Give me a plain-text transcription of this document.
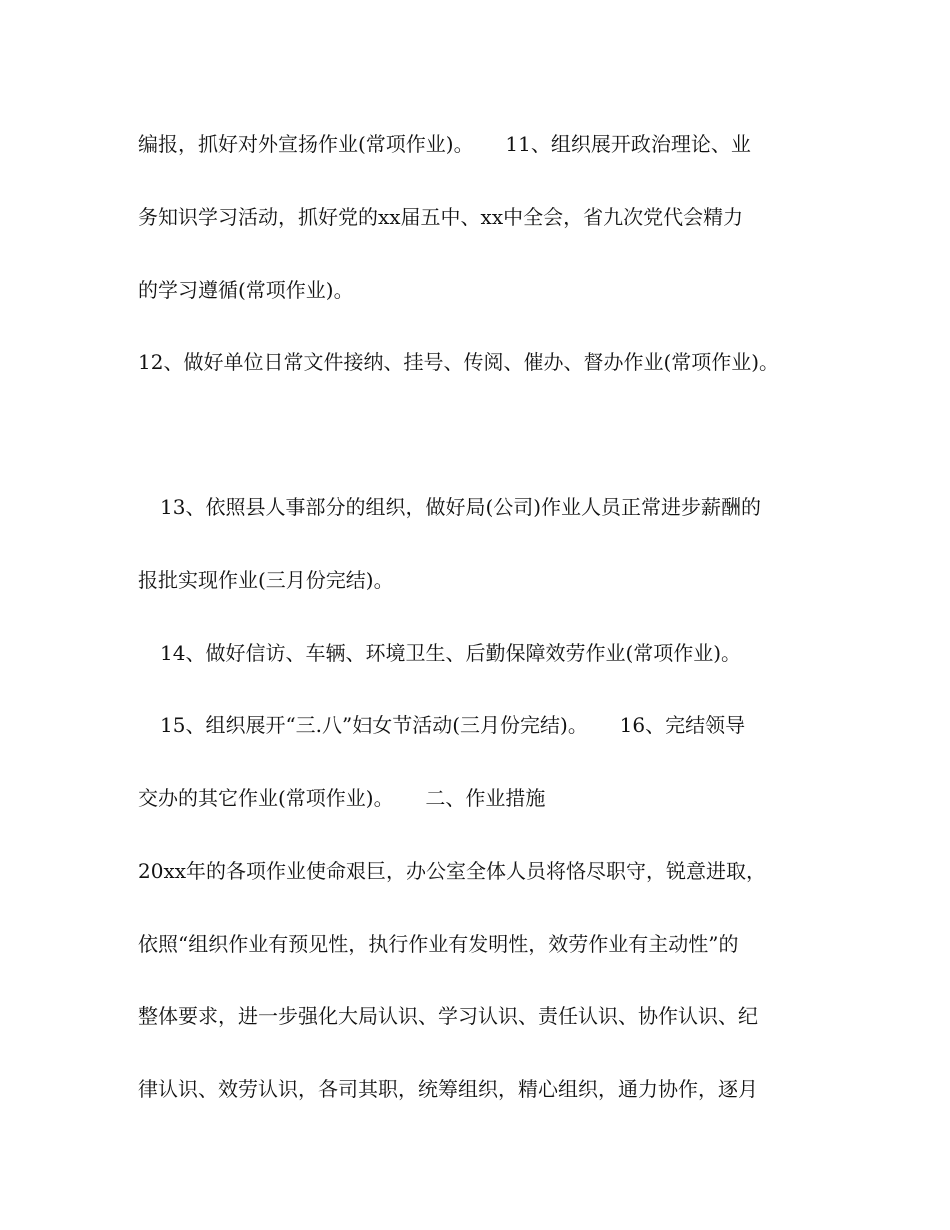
编报，抓好对外宣扬作业(常项作业)。     11、组织展开政治理论、业
务知识学习活动，抓好党的xx届五中、xx中全会，省九次党代会精力
的学习遵循(常项作业)。
12、做好单位日常文件接纳、挂号、传阅、催办、督办作业(常项作业)。
13、依照县人事部分的组织，做好局(公司)作业人员正常进步薪酬的
报批实现作业(三月份完结)。
14、做好信访、车辆、环境卫生、后勤保障效劳作业(常项作业)。
15、组织展开“三.八”妇女节活动(三月份完结)。     16、完结领导
交办的其它作业(常项作业)。     二、作业措施
20xx年的各项作业使命艰巨，办公室全体人员将恪尽职守，锐意进取，
依照“组织作业有预见性，执行作业有发明性，效劳作业有主动性”的
整体要求，进一步强化大局认识、学习认识、责任认识、协作认识、纪
律认识、效劳认识，各司其职，统筹组织，精心组织，通力协作，逐月
